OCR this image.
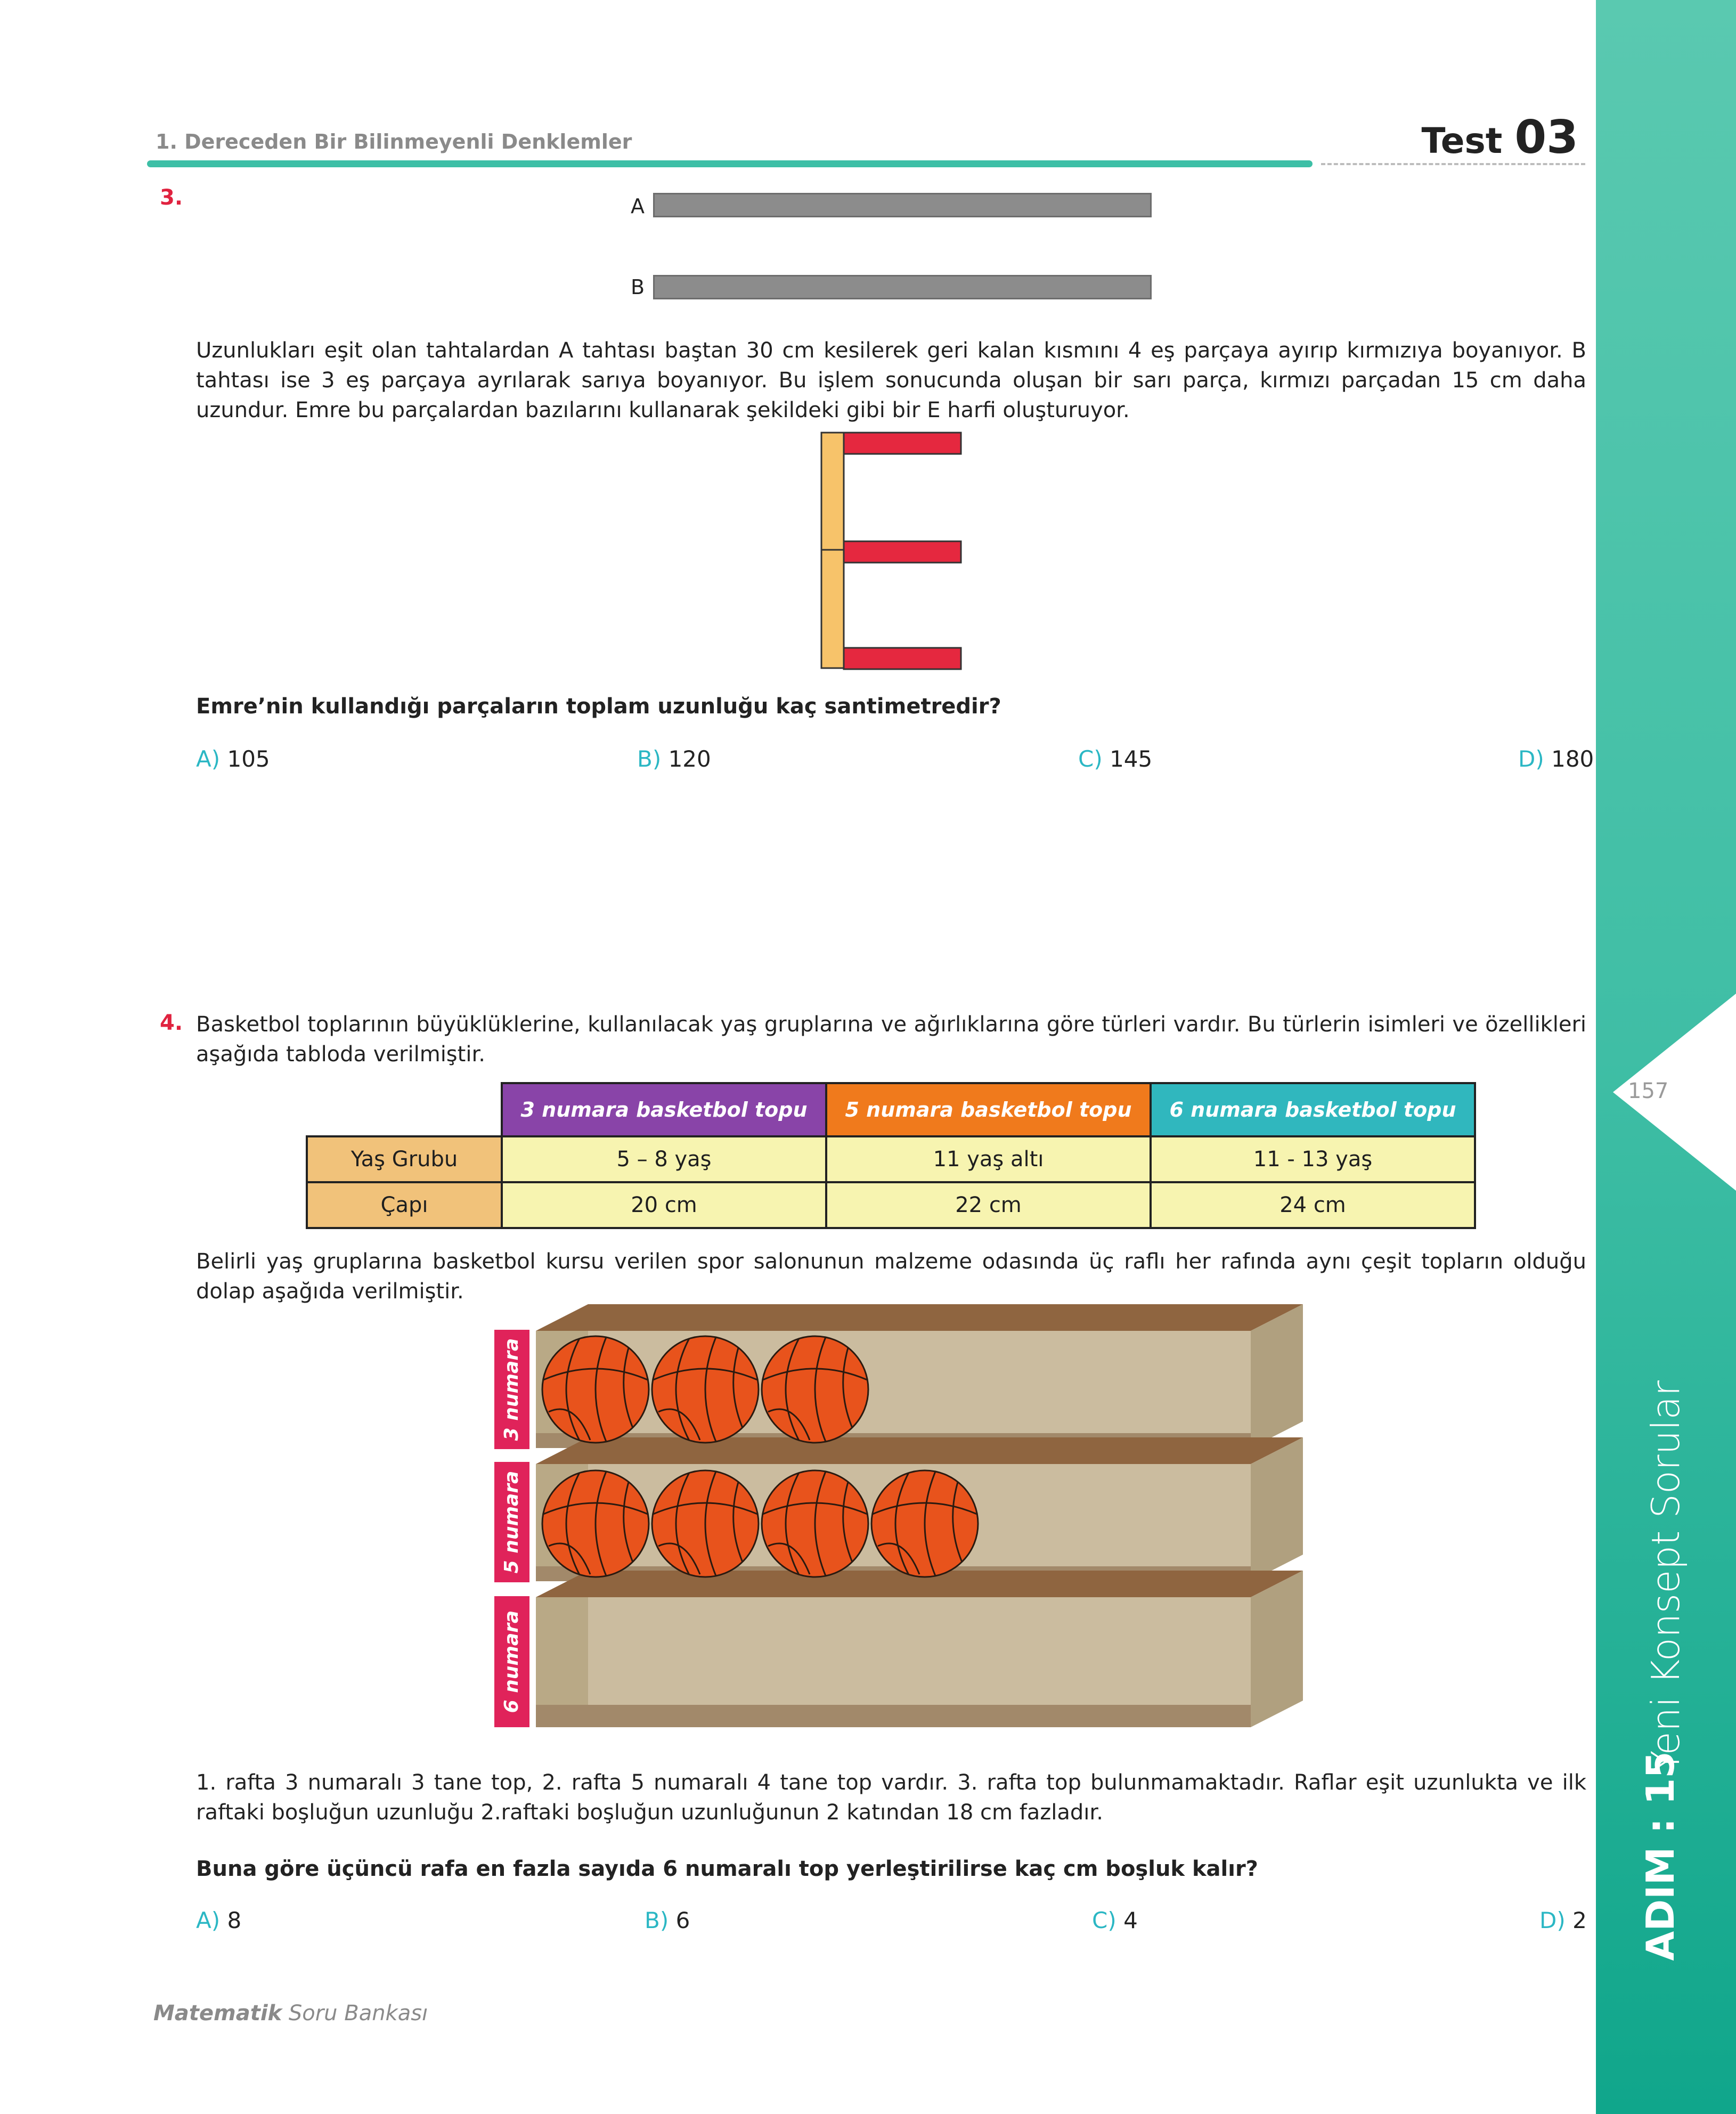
1. Dereceden Bir Bilinmeyenli Denklemler	Test 03
157
Yeni Konsept Sorular
ADIM : 15
3.	A
B
Uzunlukları eşit olan tahtalardan A tahtası baştan 30 cm kesilerek geri kalan kısmını 4 eş parçaya ayırıp kırmızıya boyanıyor. B tahtası ise 3 eş parçaya ayrılarak sarıya boyanıyor. Bu işlem sonucunda oluşan bir sarı parça, kırmızı parçadan 15 cm daha uzundur. Emre bu parçalardan bazılarını kullanarak şekildeki gibi bir E harfi oluşturuyor.
Emre’nin kullandığı parçaların toplam uzunluğu kaç santimetredir?
A) 105	B) 120	C) 145	D) 180
4. Basketbol toplarının büyüklüklerine, kullanılacak yaş gruplarına ve ağırlıklarına göre türleri vardır. Bu türlerin isimleri ve özellikleri aşağıda tabloda verilmiştir.
	3 numara basketbol topu	5 numara basketbol topu	6 numara basketbol topu
Yaş Grubu	5 – 8 yaş	11 yaş altı	11 - 13 yaş
Çapı	20 cm	22 cm	24 cm
Belirli yaş gruplarına basketbol kursu verilen spor salonunun malzeme odasında üç raflı her rafında aynı çeşit topların olduğu dolap aşağıda verilmiştir.
3 numara
5 numara
6 numara
1. rafta 3 numaralı 3 tane top, 2. rafta 5 numaralı 4 tane top vardır. 3. rafta top bulunmamaktadır. Raflar eşit uzunlukta ve ilk raftaki boşluğun uzunluğu 2.raftaki boşluğun uzunluğunun 2 katından 18 cm fazladır.
Buna göre üçüncü rafa en fazla sayıda 6 numaralı top yerleştirilirse kaç cm boşluk kalır?
A) 8	B) 6	C) 4	D) 2
Matematik Soru Bankası
